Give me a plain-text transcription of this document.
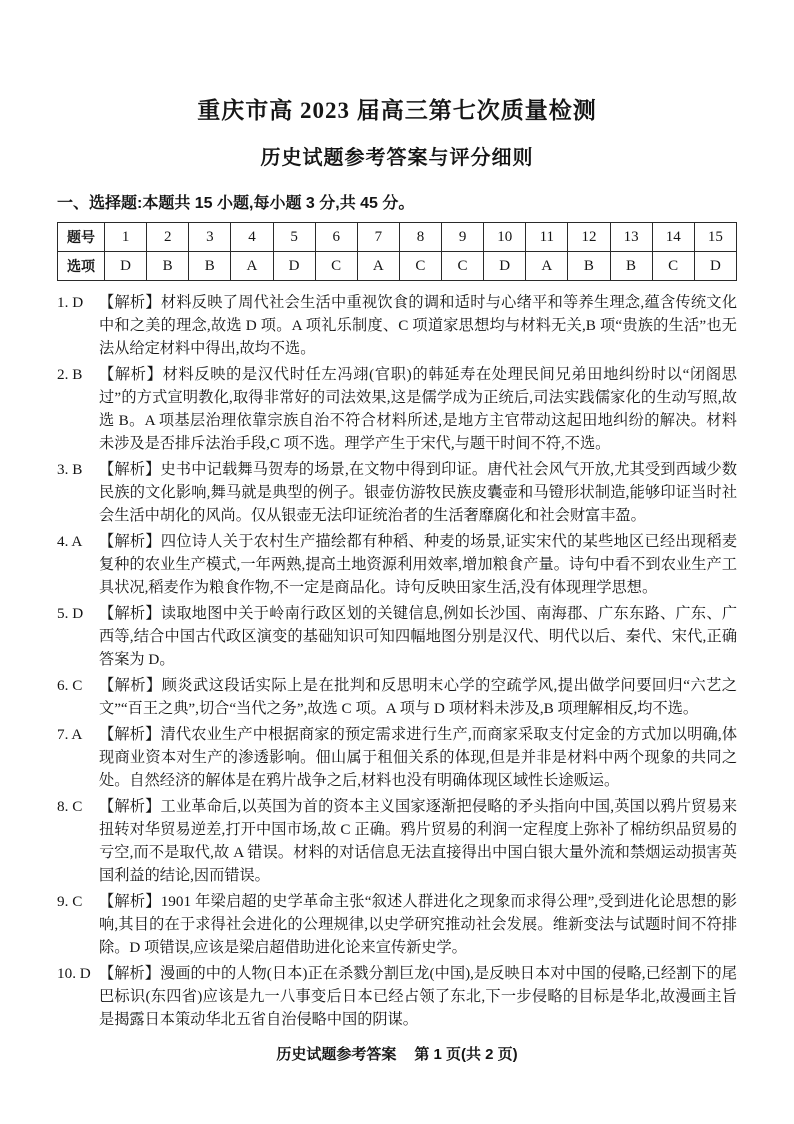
重庆市高 2023 届高三第七次质量检测
历史试题参考答案与评分细则
一、选择题:本题共 15 小题,每小题 3 分,共 45 分。
题号	1	2	3	4	5	6	7	8	9	10	11	12	13	14	15
选项	D	B	B	A	D	C	A	C	C	D	A	B	B	C	D
1. D	【解析】材料反映了周代社会生活中重视饮食的调和适时与心绪平和等养生理念,蕴含传统文化中和之美的理念,故选 D 项。A 项礼乐制度、C 项道家思想均与材料无关,B 项“贵族的生活”也无法从给定材料中得出,故均不选。
2. B	【解析】材料反映的是汉代时任左冯翊(官职)的韩延寿在处理民间兄弟田地纠纷时以“闭阁思过”的方式宣明教化,取得非常好的司法效果,这是儒学成为正统后,司法实践儒家化的生动写照,故选 B。A 项基层治理依靠宗族自治不符合材料所述,是地方主官带动这起田地纠纷的解决。材料未涉及是否排斥法治手段,C 项不选。理学产生于宋代,与题干时间不符,不选。
3. B	【解析】史书中记载舞马贺寿的场景,在文物中得到印证。唐代社会风气开放,尤其受到西域少数民族的文化影响,舞马就是典型的例子。银壶仿游牧民族皮囊壶和马镫形状制造,能够印证当时社会生活中胡化的风尚。仅从银壶无法印证统治者的生活奢靡腐化和社会财富丰盈。
4. A	【解析】四位诗人关于农村生产描绘都有种稻、种麦的场景,证实宋代的某些地区已经出现稻麦复种的农业生产模式,一年两熟,提高土地资源利用效率,增加粮食产量。诗句中看不到农业生产工具状况,稻麦作为粮食作物,不一定是商品化。诗句反映田家生活,没有体现理学思想。
5. D	【解析】读取地图中关于岭南行政区划的关键信息,例如长沙国、南海郡、广东东路、广东、广西等,结合中国古代政区演变的基础知识可知四幅地图分别是汉代、明代以后、秦代、宋代,正确答案为 D。
6. C	【解析】顾炎武这段话实际上是在批判和反思明末心学的空疏学风,提出做学问要回归“六艺之文”“百王之典”,切合“当代之务”,故选 C 项。A 项与 D 项材料未涉及,B 项理解相反,均不选。
7. A	【解析】清代农业生产中根据商家的预定需求进行生产,而商家采取支付定金的方式加以明确,体现商业资本对生产的渗透影响。佃山属于租佃关系的体现,但是并非是材料中两个现象的共同之处。自然经济的解体是在鸦片战争之后,材料也没有明确体现区域性长途贩运。
8. C	【解析】工业革命后,以英国为首的资本主义国家逐渐把侵略的矛头指向中国,英国以鸦片贸易来扭转对华贸易逆差,打开中国市场,故 C 正确。鸦片贸易的利润一定程度上弥补了棉纺织品贸易的亏空,而不是取代,故 A 错误。材料的对话信息无法直接得出中国白银大量外流和禁烟运动损害英国利益的结论,因而错误。
9. C	【解析】1901 年梁启超的史学革命主张“叙述人群进化之现象而求得公理”,受到进化论思想的影响,其目的在于求得社会进化的公理规律,以史学研究推动社会发展。维新变法与试题时间不符排除。D 项错误,应该是梁启超借助进化论来宣传新史学。
10. D 【解析】漫画的中的人物(日本)正在杀戮分割巨龙(中国),是反映日本对中国的侵略,已经割下的尾巴标识(东四省)应该是九一八事变后日本已经占领了东北,下一步侵略的目标是华北,故漫画主旨是揭露日本策动华北五省自治侵略中国的阴谋。
历史试题参考答案 第 1 页(共 2 页)
